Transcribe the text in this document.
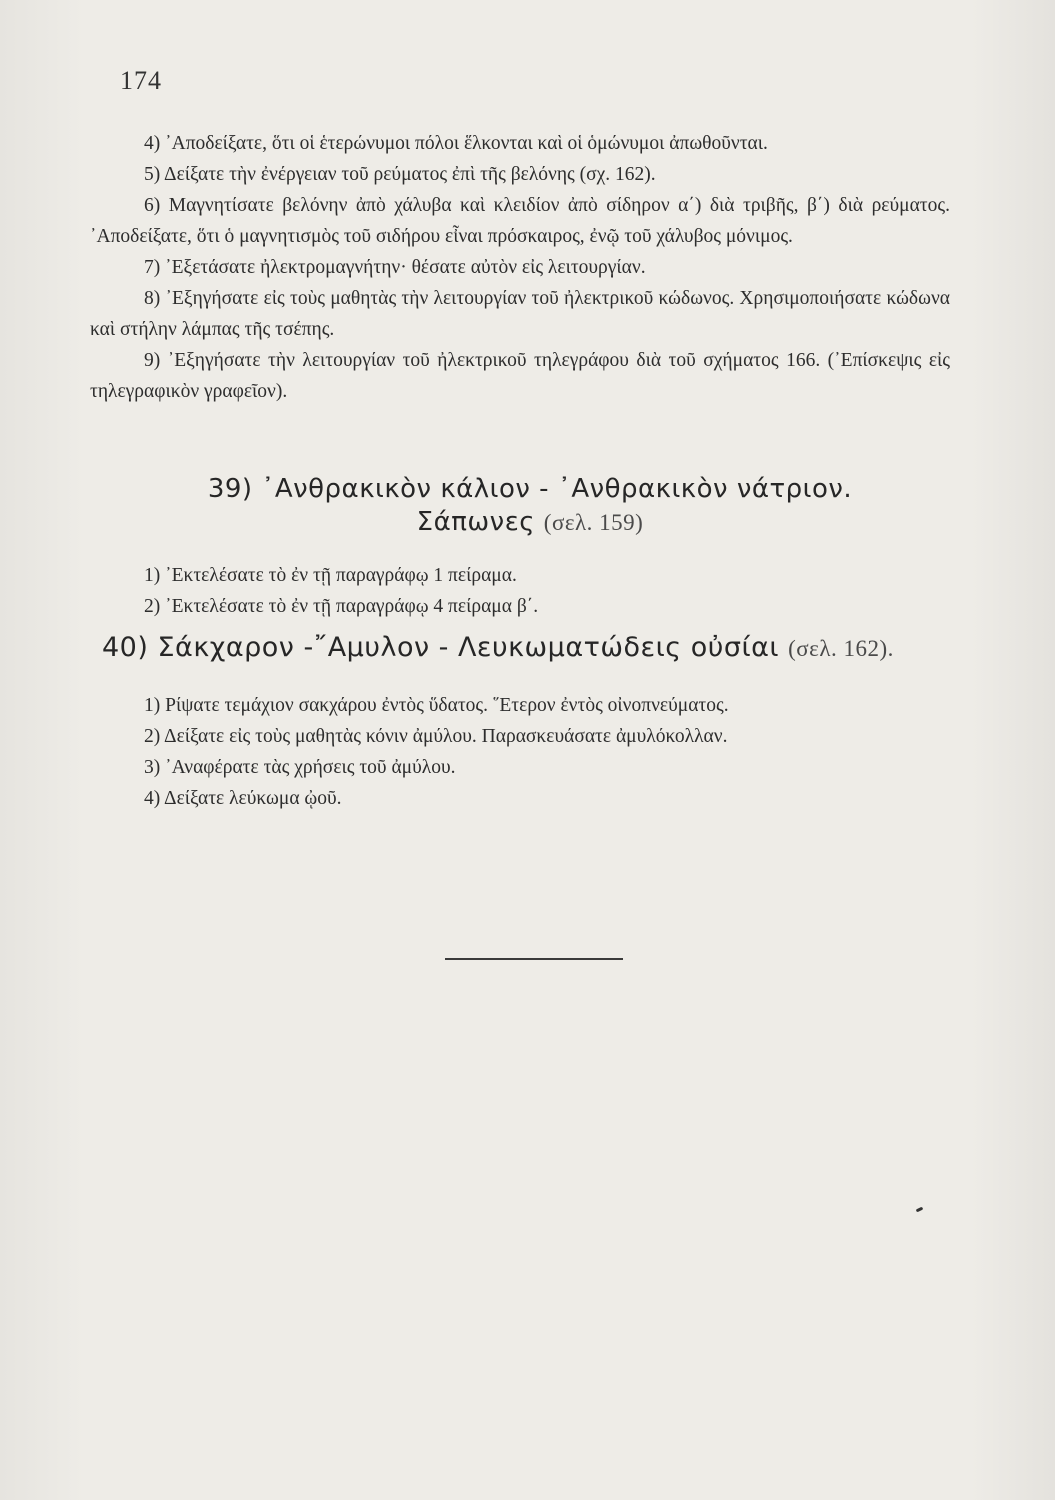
174

4) ᾿Αποδείξατε, ὅτι οἱ ἑτερώνυμοι πόλοι ἕλκονται καὶ οἱ ὁμώνυμοι ἀπωθοῦνται.

5) Δείξατε τὴν ἐνέργειαν τοῦ ρεύματος ἐπὶ τῆς βελόνης (σχ. 162).

6) Μαγνητίσατε βελόνην ἀπὸ χάλυβα καὶ κλειδίον ἀπὸ σίδηρον α΄) διὰ τριβῆς, β΄) διὰ ρεύματος. ᾿Αποδείξατε, ὅτι ὁ μαγνητισμὸς τοῦ σιδήρου εἶναι πρόσκαιρος, ἐνῷ τοῦ χάλυβος μόνιμος.

7) ᾿Εξετάσατε ἠλεκτρομαγνήτην· θέσατε αὐτὸν εἰς λειτουργίαν.

8) ᾿Εξηγήσατε εἰς τοὺς μαθητὰς τὴν λειτουργίαν τοῦ ἠλεκτρικοῦ κώδωνος. Χρησιμοποιήσατε κώδωνα καὶ στήλην λάμπας τῆς τσέπης.

9) ᾿Εξηγήσατε τὴν λειτουργίαν τοῦ ἠλεκτρικοῦ τηλεγράφου διὰ τοῦ σχήματος 166. (᾿Επίσκεψις εἰς τηλεγραφικὸν γραφεῖον).

39) ᾿Ανθρακικὸν κάλιον - ᾿Ανθρακικὸν νάτριον.
Σάπωνες (σελ. 159)

1) ᾿Εκτελέσατε τὸ ἐν τῇ παραγράφῳ 1 πείραμα.

2) ᾿Εκτελέσατε τὸ ἐν τῇ παραγράφῳ 4 πείραμα β΄.

40) Σάκχαρον -῎Αμυλον - Λευκωματώδεις οὐσίαι (σελ. 162).

1) Ρίψατε τεμάχιον σακχάρου ἐντὸς ὕδατος. ῞Ετερον ἐντὸς οἰνοπνεύματος.

2) Δείξατε εἰς τοὺς μαθητὰς κόνιν ἀμύλου. Παρασκευάσατε ἀμυλόκολλαν.

3) ᾿Αναφέρατε τὰς χρήσεις τοῦ ἀμύλου.

4) Δείξατε λεύκωμα ᾠοῦ.
